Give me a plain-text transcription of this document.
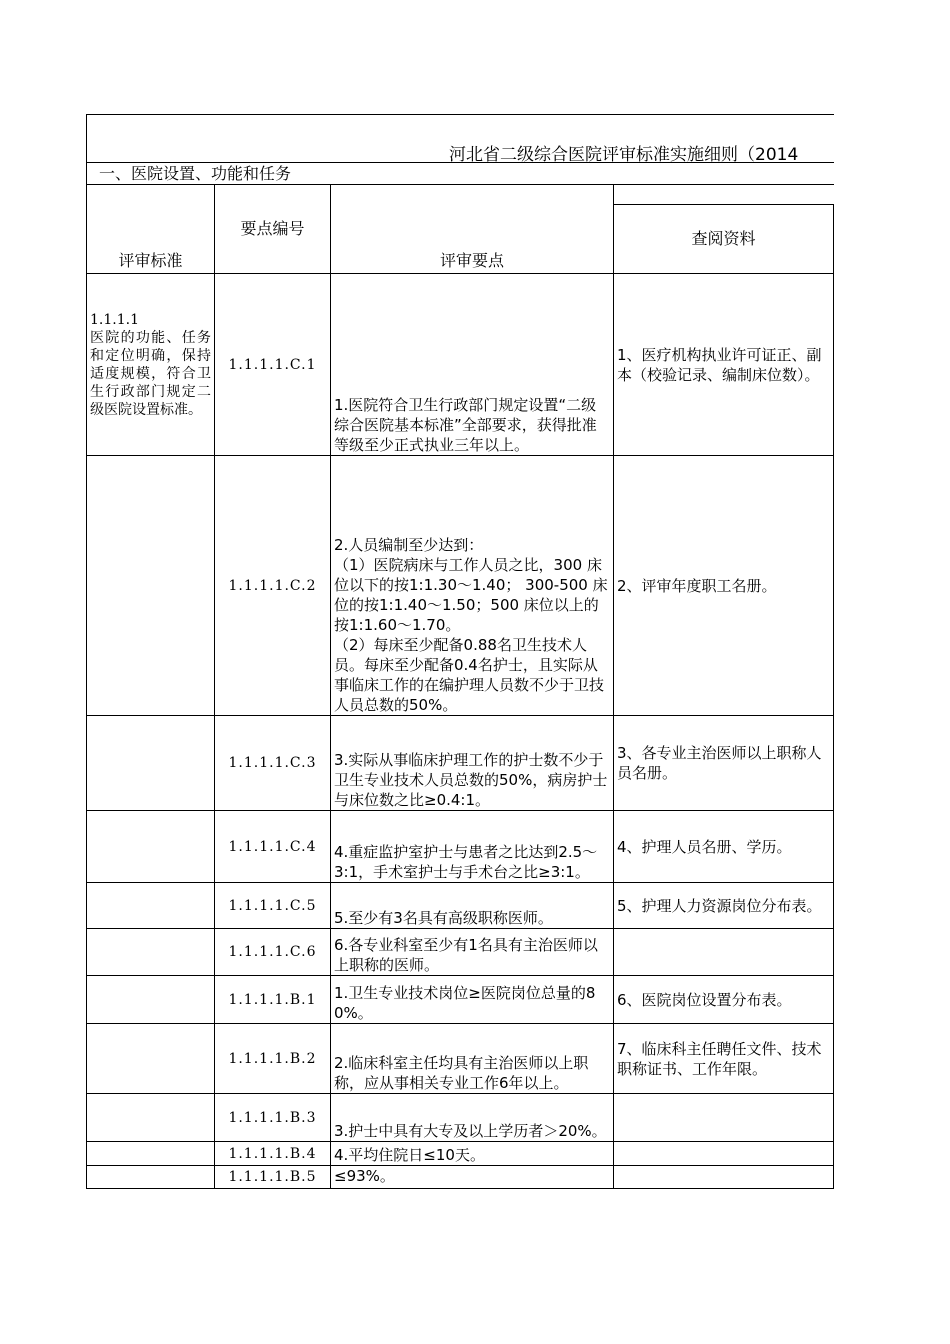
河北省二级综合医院评审标准实施细则（2014
一、医院设置、功能和任务
评审标准	要点编号	评审要点	
			查阅资料

1.1.1.1
医院的功能、任务和定位明确，保持适度规模，符合卫生行政部门规定二级医院设置标准。	1.1.1.1.C.1	1.医院符合卫生行政部门规定设置“二级综合医院基本标准”全部要求，获得批准等级至少正式执业三年以上。	1、医疗机构执业许可证正、副本（校验记录、编制床位数）。
	1.1.1.1.C.2	2.人员编制至少达到：
（1）医院病床与工作人员之比，300 床位以下的按1:1.30～1.40； 300-500 床位的按1:1.40～1.50；500 床位以上的按1:1.60～1.70。
（2）每床至少配备0.88名卫生技术人员。每床至少配备0.4名护士，且实际从事临床工作的在编护理人员数不少于卫技人员总数的50%。	2、评审年度职工名册。
	1.1.1.1.C.3	3.实际从事临床护理工作的护士数不少于卫生专业技术人员总数的50%，病房护士与床位数之比≥0.4:1。	3、各专业主治医师以上职称人员名册。
	1.1.1.1.C.4	4.重症监护室护士与患者之比达到2.5～3:1，手术室护士与手术台之比≥3:1。	4、护理人员名册、学历。
	1.1.1.1.C.5	5.至少有3名具有高级职称医师。	5、护理人力资源岗位分布表。
	1.1.1.1.C.6	6.各专业科室至少有1名具有主治医师以上职称的医师。	
	1.1.1.1.B.1	1.卫生专业技术岗位≥医院岗位总量的80%。	6、医院岗位设置分布表。
	1.1.1.1.B.2	2.临床科室主任均具有主治医师以上职称，应从事相关专业工作6年以上。	7、临床科主任聘任文件、技术职称证书、工作年限。
	1.1.1.1.B.3	3.护士中具有大专及以上学历者＞20%。	
	1.1.1.1.B.4	4.平均住院日≤10天。	
	1.1.1.1.B.5	≤93%。	
